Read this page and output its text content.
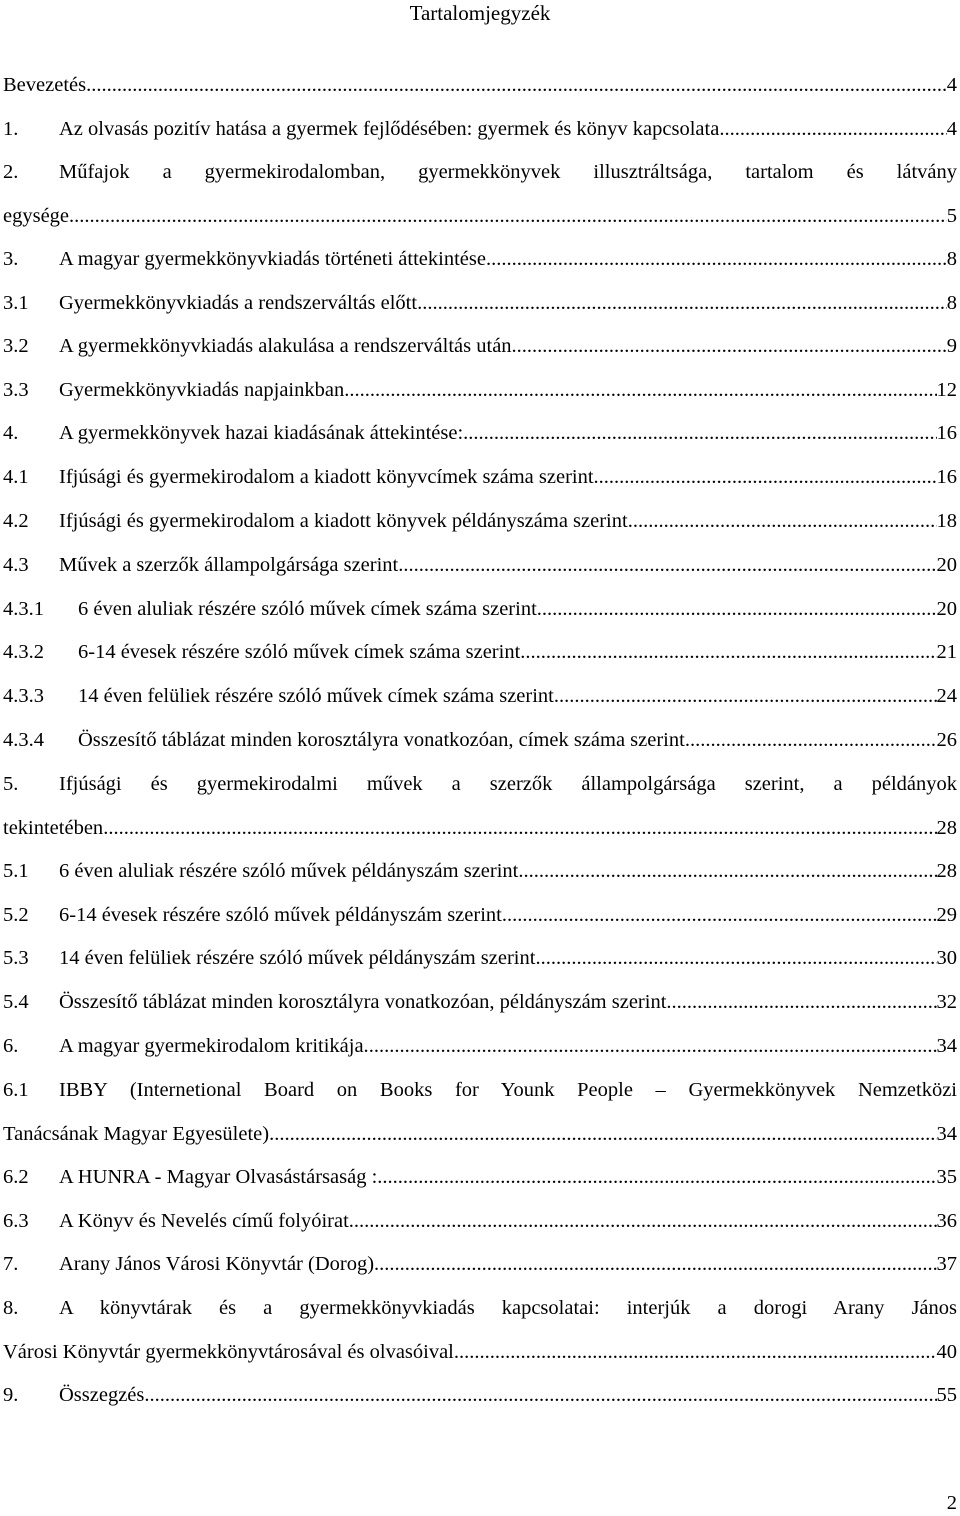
Tartalomjegyzék
Bevezetés .....	4
1. Az olvasás pozitív hatása a gyermek fejlődésében: gyermek és könyv kapcsolata .....	4
2. Műfajok a gyermekirodalomban, gyermekkönyvek illusztráltsága, tartalom és látvány
egysége .....	5
3. A magyar gyermekkönyvkiadás történeti áttekintése. .....	8
3.1 Gyermekkönyvkiadás a rendszerváltás előtt .....	8
3.2 A gyermekkönyvkiadás alakulása a rendszerváltás után .....	9
3.3 Gyermekkönyvkiadás napjainkban .....	12
4. A gyermekkönyvek hazai kiadásának áttekintése: .....	16
4.1 Ifjúsági és gyermekirodalom a kiadott könyvcímek száma szerint .....	16
4.2 Ifjúsági és gyermekirodalom a kiadott könyvek példányszáma szerint .....	18
4.3 Művek a szerzők állampolgársága szerint .....	20
4.3.1 6 éven aluliak részére szóló művek címek száma szerint .....	20
4.3.2 6-14 évesek részére szóló művek címek száma szerint .....	21
4.3.3 14 éven felüliek részére szóló művek címek száma szerint .....	24
4.3.4 Összesítő táblázat minden korosztályra vonatkozóan, címek száma szerint .....	26
5. Ifjúsági és gyermekirodalmi művek a szerzők állampolgársága szerint, a példányok
tekintetében .....	28
5.1 6 éven aluliak részére szóló művek példányszám szerint .....	28
5.2 6-14 évesek részére szóló művek példányszám szerint .....	29
5.3 14 éven felüliek részére szóló művek példányszám szerint .....	30
5.4 Összesítő táblázat minden korosztályra vonatkozóan, példányszám szerint .....	32
6. A magyar gyermekirodalom kritikája. .....	34
6.1 IBBY (Internetional Board on Books for Younk People – Gyermekkönyvek Nemzetközi
Tanácsának Magyar Egyesülete) .....	34
6.2 A HUNRA - Magyar Olvasástársaság : .....	35
6.3 A Könyv és Nevelés című folyóirat .....	36
7. Arany János Városi Könyvtár (Dorog) .....	37
8. A könyvtárak és a gyermekkönyvkiadás kapcsolatai: interjúk a dorogi Arany János
Városi Könyvtár gyermekkönyvtárosával és olvasóival .....	40
9. Összegzés .....	55
2
